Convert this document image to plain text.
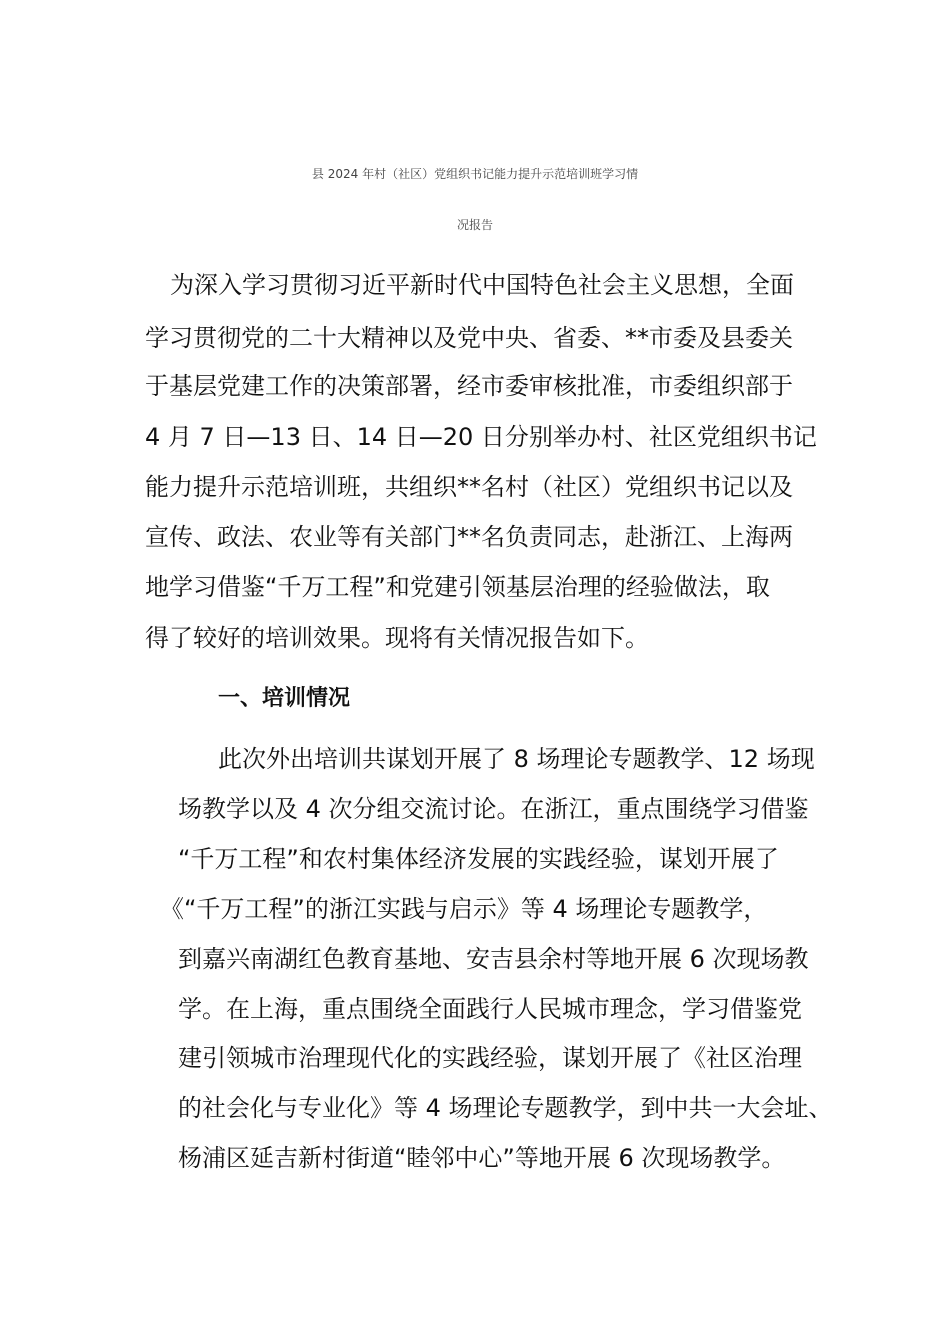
县 2024 年村（社区）党组织书记能力提升示范培训班学习情
况报告
为深入学习贯彻习近平新时代中国特色社会主义思想，全面
学习贯彻党的二十大精神以及党中央、省委、**市委及县委关
于基层党建工作的决策部署，经市委审核批准，市委组织部于
4 月 7 日—13 日、14 日—20 日分别举办村、社区党组织书记
能力提升示范培训班，共组织**名村（社区）党组织书记以及
宣传、政法、农业等有关部门**名负责同志，赴浙江、上海两
地学习借鉴“千万工程”和党建引领基层治理的经验做法，取
得了较好的培训效果。现将有关情况报告如下。
一、培训情况
此次外出培训共谋划开展了 8 场理论专题教学、12 场现
场教学以及 4 次分组交流讨论。在浙江，重点围绕学习借鉴
“千万工程”和农村集体经济发展的实践经验，谋划开展了
《“千万工程”的浙江实践与启示》等 4 场理论专题教学，
到嘉兴南湖红色教育基地、安吉县余村等地开展 6 次现场教
学。在上海，重点围绕全面践行人民城市理念，学习借鉴党
建引领城市治理现代化的实践经验，谋划开展了《社区治理
的社会化与专业化》等 4 场理论专题教学，到中共一大会址、
杨浦区延吉新村街道“睦邻中心”等地开展 6 次现场教学。
